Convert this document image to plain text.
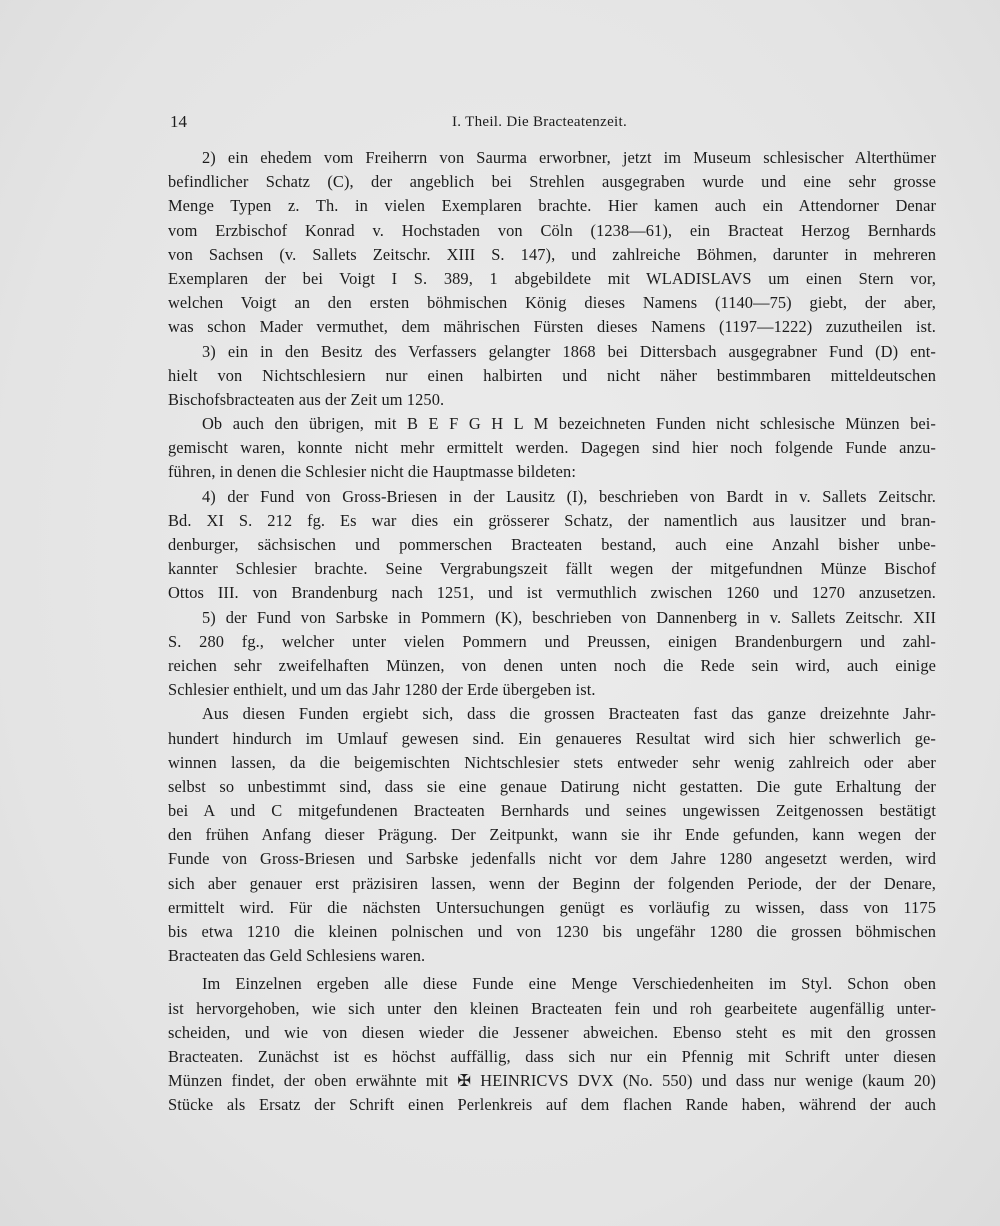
14	I. Theil. Die Bracteatenzeit.
2) ein ehedem vom Freiherrn von Saurma erworbner, jetzt im Museum schlesischer Alterthümer
befindlicher Schatz (C), der angeblich bei Strehlen ausgegraben wurde und eine sehr grosse
Menge Typen z. Th. in vielen Exemplaren brachte. Hier kamen auch ein Attendorner Denar
vom Erzbischof Konrad v. Hochstaden von Cöln (1238—61), ein Bracteat Herzog Bernhards
von Sachsen (v. Sallets Zeitschr. XIII S. 147), und zahlreiche Böhmen, darunter in mehreren
Exemplaren der bei Voigt I S. 389, 1 abgebildete mit WLADISLAVS um einen Stern vor,
welchen Voigt an den ersten böhmischen König dieses Namens (1140—75) giebt, der aber,
was schon Mader vermuthet, dem mährischen Fürsten dieses Namens (1197—1222) zuzutheilen ist.
3) ein in den Besitz des Verfassers gelangter 1868 bei Dittersbach ausgegrabner Fund (D) ent-
hielt von Nichtschlesiern nur einen halbirten und nicht näher bestimmbaren mitteldeutschen
Bischofsbracteaten aus der Zeit um 1250.
Ob auch den übrigen, mit B E F G H L M bezeichneten Funden nicht schlesische Münzen bei-
gemischt waren, konnte nicht mehr ermittelt werden. Dagegen sind hier noch folgende Funde anzu-
führen, in denen die Schlesier nicht die Hauptmasse bildeten:
4) der Fund von Gross-Briesen in der Lausitz (I), beschrieben von Bardt in v. Sallets Zeitschr.
Bd. XI S. 212 fg. Es war dies ein grösserer Schatz, der namentlich aus lausitzer und bran-
denburger, sächsischen und pommerschen Bracteaten bestand, auch eine Anzahl bisher unbe-
kannter Schlesier brachte. Seine Vergrabungszeit fällt wegen der mitgefundnen Münze Bischof
Ottos III. von Brandenburg nach 1251, und ist vermuthlich zwischen 1260 und 1270 anzusetzen.
5) der Fund von Sarbske in Pommern (K), beschrieben von Dannenberg in v. Sallets Zeitschr. XII
S. 280 fg., welcher unter vielen Pommern und Preussen, einigen Brandenburgern und zahl-
reichen sehr zweifelhaften Münzen, von denen unten noch die Rede sein wird, auch einige
Schlesier enthielt, und um das Jahr 1280 der Erde übergeben ist.
Aus diesen Funden ergiebt sich, dass die grossen Bracteaten fast das ganze dreizehnte Jahr-
hundert hindurch im Umlauf gewesen sind. Ein genaueres Resultat wird sich hier schwerlich ge-
winnen lassen, da die beigemischten Nichtschlesier stets entweder sehr wenig zahlreich oder aber
selbst so unbestimmt sind, dass sie eine genaue Datirung nicht gestatten. Die gute Erhaltung der
bei A und C mitgefundenen Bracteaten Bernhards und seines ungewissen Zeitgenossen bestätigt
den frühen Anfang dieser Prägung. Der Zeitpunkt, wann sie ihr Ende gefunden, kann wegen der
Funde von Gross-Briesen und Sarbske jedenfalls nicht vor dem Jahre 1280 angesetzt werden, wird
sich aber genauer erst präzisiren lassen, wenn der Beginn der folgenden Periode, der der Denare,
ermittelt wird. Für die nächsten Untersuchungen genügt es vorläufig zu wissen, dass von 1175
bis etwa 1210 die kleinen polnischen und von 1230 bis ungefähr 1280 die grossen böhmischen
Bracteaten das Geld Schlesiens waren.
Im Einzelnen ergeben alle diese Funde eine Menge Verschiedenheiten im Styl. Schon oben
ist hervorgehoben, wie sich unter den kleinen Bracteaten fein und roh gearbeitete augenfällig unter-
scheiden, und wie von diesen wieder die Jessener abweichen. Ebenso steht es mit den grossen
Bracteaten. Zunächst ist es höchst auffällig, dass sich nur ein Pfennig mit Schrift unter diesen
Münzen findet, der oben erwähnte mit ✠ HEINRICVS DVX (No. 550) und dass nur wenige (kaum 20)
Stücke als Ersatz der Schrift einen Perlenkreis auf dem flachen Rande haben, während der auch
